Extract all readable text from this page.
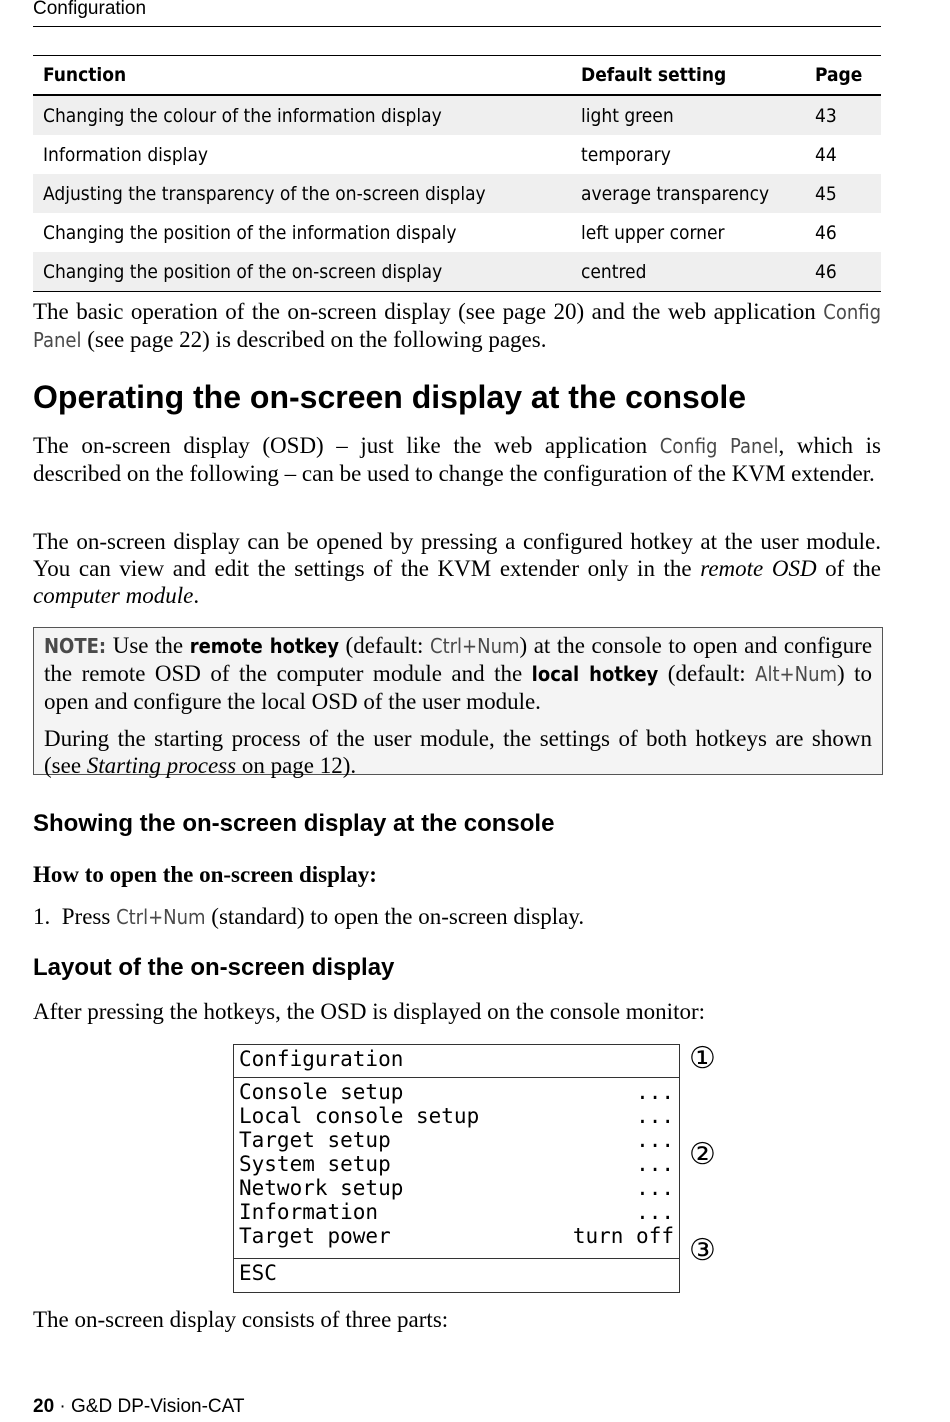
Configuration
Function	Default setting	Page
Changing the colour of the information display	light green	43
Information display	temporary	44
Adjusting the transparency of the on-screen display	average transparency	45
Changing the position of the information dispaly	left upper corner	46
Changing the position of the on-screen display	centred	46

The basic operation of the on-screen display (see page 20) and the web application Config Panel (see page 22) is described on the following pages.

Operating the on-screen display at the console

The on-screen display (OSD) – just like the web application Config Panel, which is described on the following – can be used to change the configuration of the KVM extender.

The on-screen display can be opened by pressing a configured hotkey at the user module. You can view and edit the settings of the KVM extender only in the remote OSD of the computer module.

NOTE: Use the remote hotkey (default: Ctrl+Num) at the console to open and configure the remote OSD of the computer module and the local hotkey (default: Alt+Num) to open and configure the local OSD of the user module.

During the starting process of the user module, the settings of both hotkeys are shown (see Starting process on page 12).

Showing the on-screen display at the console

How to open the on-screen display:

1. Press Ctrl+Num (standard) to open the on-screen display.

Layout of the on-screen display

After pressing the hotkeys, the OSD is displayed on the console monitor:

Configuration
Console setup	...
Local console setup	...
Target setup	...
System setup	...
Network setup	...
Information	...
Target power	turn off
ESC
①
②
③

The on-screen display consists of three parts:

20 · G&D DP-Vision-CAT
